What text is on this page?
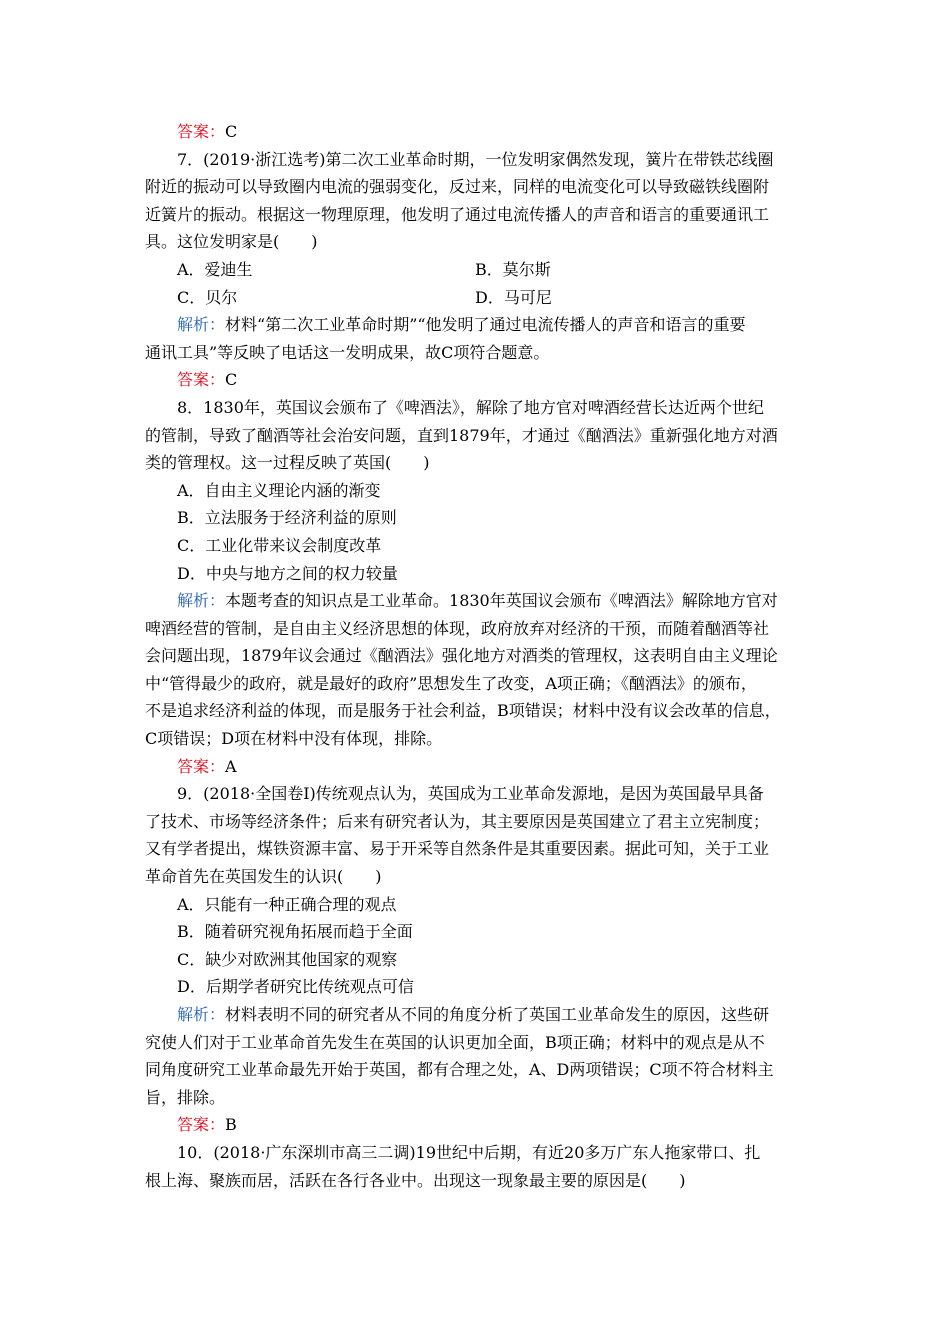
答案：C
7．(2019·浙江选考)第二次工业革命时期，一位发明家偶然发现，簧片在带铁芯线圈
附近的振动可以导致圈内电流的强弱变化，反过来，同样的电流变化可以导致磁铁线圈附
近簧片的振动。根据这一物理原理，他发明了通过电流传播人的声音和语言的重要通讯工
具。这位发明家是(　　)
A．爱迪生	B．莫尔斯
C．贝尔	D．马可尼
解析：材料“第二次工业革命时期”“他发明了通过电流传播人的声音和语言的重要
通讯工具”等反映了电话这一发明成果，故C项符合题意。
答案：C
8．1830年，英国议会颁布了《啤酒法》，解除了地方官对啤酒经营长达近两个世纪
的管制，导致了酗酒等社会治安问题，直到1879年，才通过《酗酒法》重新强化地方对酒
类的管理权。这一过程反映了英国(　　)
A．自由主义理论内涵的渐变
B．立法服务于经济利益的原则
C．工业化带来议会制度改革
D．中央与地方之间的权力较量
解析：本题考查的知识点是工业革命。1830年英国议会颁布《啤酒法》解除地方官对
啤酒经营的管制，是自由主义经济思想的体现，政府放弃对经济的干预，而随着酗酒等社
会问题出现，1879年议会通过《酗酒法》强化地方对酒类的管理权，这表明自由主义理论
中“管得最少的政府，就是最好的政府”思想发生了改变，A项正确；《酗酒法》的颁布，
不是追求经济利益的体现，而是服务于社会利益，B项错误；材料中没有议会改革的信息，
C项错误；D项在材料中没有体现，排除。
答案：A
9．(2018·全国卷Ⅰ)传统观点认为，英国成为工业革命发源地，是因为英国最早具备
了技术、市场等经济条件；后来有研究者认为，其主要原因是英国建立了君主立宪制度；
又有学者提出，煤铁资源丰富、易于开采等自然条件是其重要因素。据此可知，关于工业
革命首先在英国发生的认识(　　)
A．只能有一种正确合理的观点
B．随着研究视角拓展而趋于全面
C．缺少对欧洲其他国家的观察
D．后期学者研究比传统观点可信
解析：材料表明不同的研究者从不同的角度分析了英国工业革命发生的原因，这些研
究使人们对于工业革命首先发生在英国的认识更加全面，B项正确；材料中的观点是从不
同角度研究工业革命最先开始于英国，都有合理之处，A、D两项错误；C项不符合材料主
旨，排除。
答案：B
10．(2018·广东深圳市高三二调)19世纪中后期，有近20多万广东人拖家带口、扎
根上海、聚族而居，活跃在各行各业中。出现这一现象最主要的原因是(　　)
